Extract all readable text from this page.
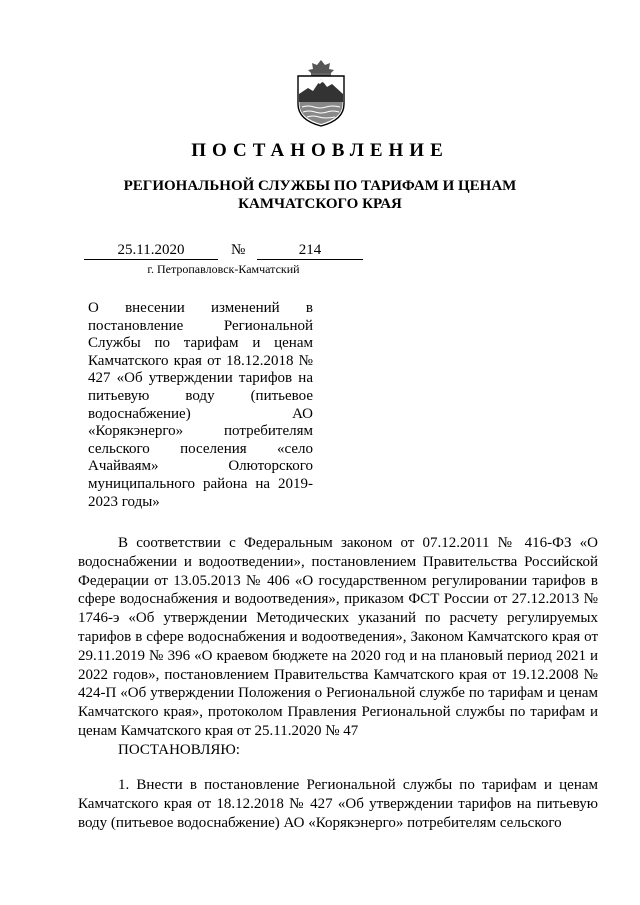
ПОСТАНОВЛЕНИЕ
РЕГИОНАЛЬНОЙ СЛУЖБЫ ПО ТАРИФАМ И ЦЕНАМ
КАМЧАТСКОГО КРАЯ
25.11.2020	№	214
г. Петропавловск-Камчатский

О внесении изменений в постановление Региональной Службы по тарифам и ценам Камчатского края от 18.12.2018 № 427 «Об утверждении тарифов на питьевую воду (питьевое водоснабжение) АО «Корякэнерго» потребителям сельского поселения «село Ачайваям» Олюторского муниципального района на 2019-2023 годы»

В соответствии с Федеральным законом от 07.12.2011 № 416-ФЗ «О водоснабжении и водоотведении», постановлением Правительства Российской Федерации от 13.05.2013 № 406 «О государственном регулировании тарифов в сфере водоснабжения и водоотведения», приказом ФСТ России от 27.12.2013 № 1746-э «Об утверждении Методических указаний по расчету регулируемых тарифов в сфере водоснабжения и водоотведения», Законом Камчатского края от 29.11.2019 № 396 «О краевом бюджете на 2020 год и на плановый период 2021 и 2022 годов», постановлением Правительства Камчатского края от 19.12.2008 № 424-П «Об утверждении Положения о Региональной службе по тарифам и ценам Камчатского края», протоколом Правления Региональной службы по тарифам и ценам Камчатского края от 25.11.2020 № 47

ПОСТАНОВЛЯЮ:

1. Внести в постановление Региональной службы по тарифам и ценам Камчатского края от 18.12.2018 № 427 «Об утверждении тарифов на питьевую воду (питьевое водоснабжение) АО «Корякэнерго» потребителям сельского
